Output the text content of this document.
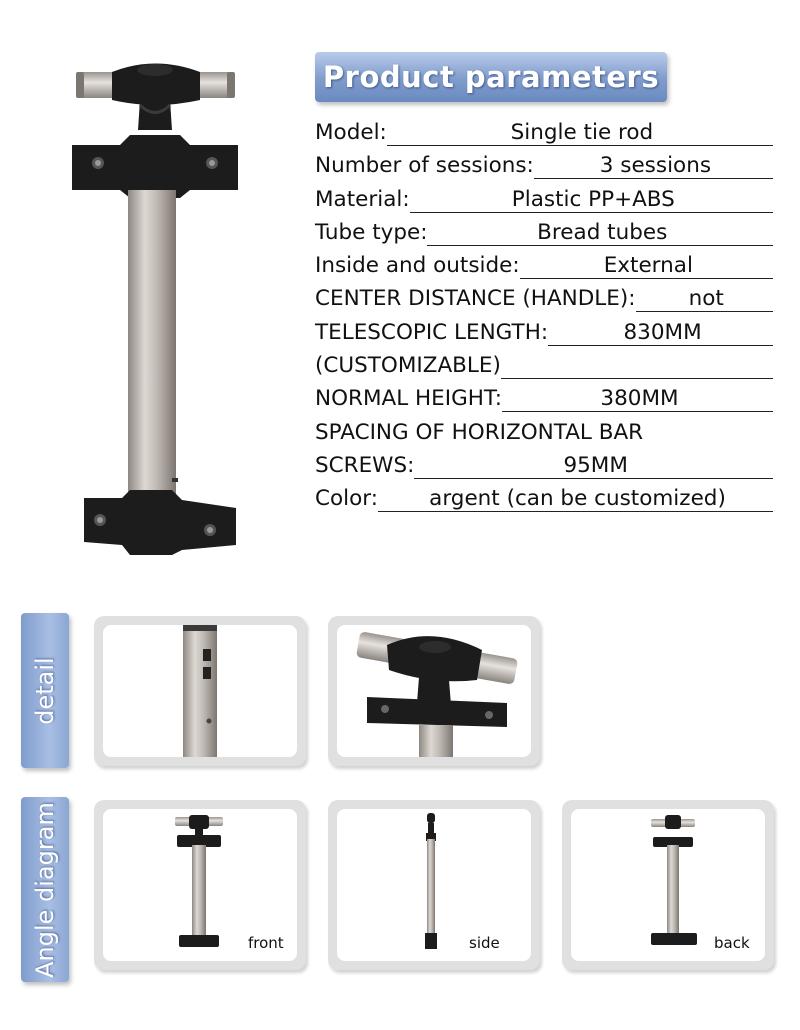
Product parameters
Model:	Single tie rod
Number of sessions:	3 sessions
Material:	Plastic PP+ABS
Tube type:	Bread tubes
Inside and outside:	External
CENTER DISTANCE (HANDLE):	not
TELESCOPIC LENGTH:	830MM
(CUSTOMIZABLE)
NORMAL HEIGHT:	380MM
SPACING OF HORIZONTAL BAR
SCREWS:	95MM
Color:	argent (can be customized)
detail
Angle diagram	front	side	back
